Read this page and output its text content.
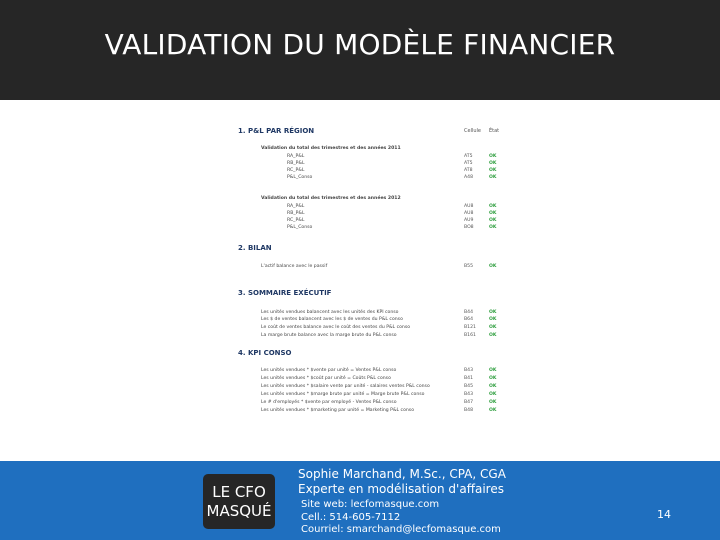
VALIDATION DU MODÈLE FINANCIER
Cellule État
1. P&L PAR RÉGION
Validation du total des trimestres et des années 2011
RA_P&L	AT5	OK
RB_P&L	AT5	OK
RC_P&L	AT8	OK
P&L_Conso	A48	OK
Validation du total des trimestres et des années 2012
RA_P&L	AU8	OK
RB_P&L	AU8	OK
RC_P&L	AU9	OK
P&L_Conso	BO8	OK
2. BILAN
L'actif balance avec le passif	B55	OK
3. SOMMAIRE EXÉCUTIF
Les unités vendues balancent avec les unités des KPI conso	B44	OK
Les $ de ventes balancent avec les $ de ventes du P&L conso	B64	OK
Le coût de ventes balance avec le coût des ventes du P&L conso	B121	OK
La marge brute balance avec la marge brute du P&L conso	B161	OK
4. KPI CONSO
Les unités vendues * $vente par unité = Ventes P&L conso	B43	OK
Les unités vendues * $coût par unité = Coûts P&L conso	B41	OK
Les unités vendues * $salaire vente par unité - salaires ventes P&L conso	B45	OK
Les unités vendues * $marge brute par unité = Marge brute P&L conso	B43	OK
Le # d'employés * $vente par employé - Ventes P&L conso	B47	OK
Les unités vendues * $marketing par unité = Marketing P&L conso	B48	OK
LE CFO
MASQUÉ
Sophie Marchand, M.Sc., CPA, CGA
Experte en modélisation d'affaires
Site web: lecfomasque.com
Cell.: 514-605-7112
Courriel: smarchand@lecfomasque.com
14
